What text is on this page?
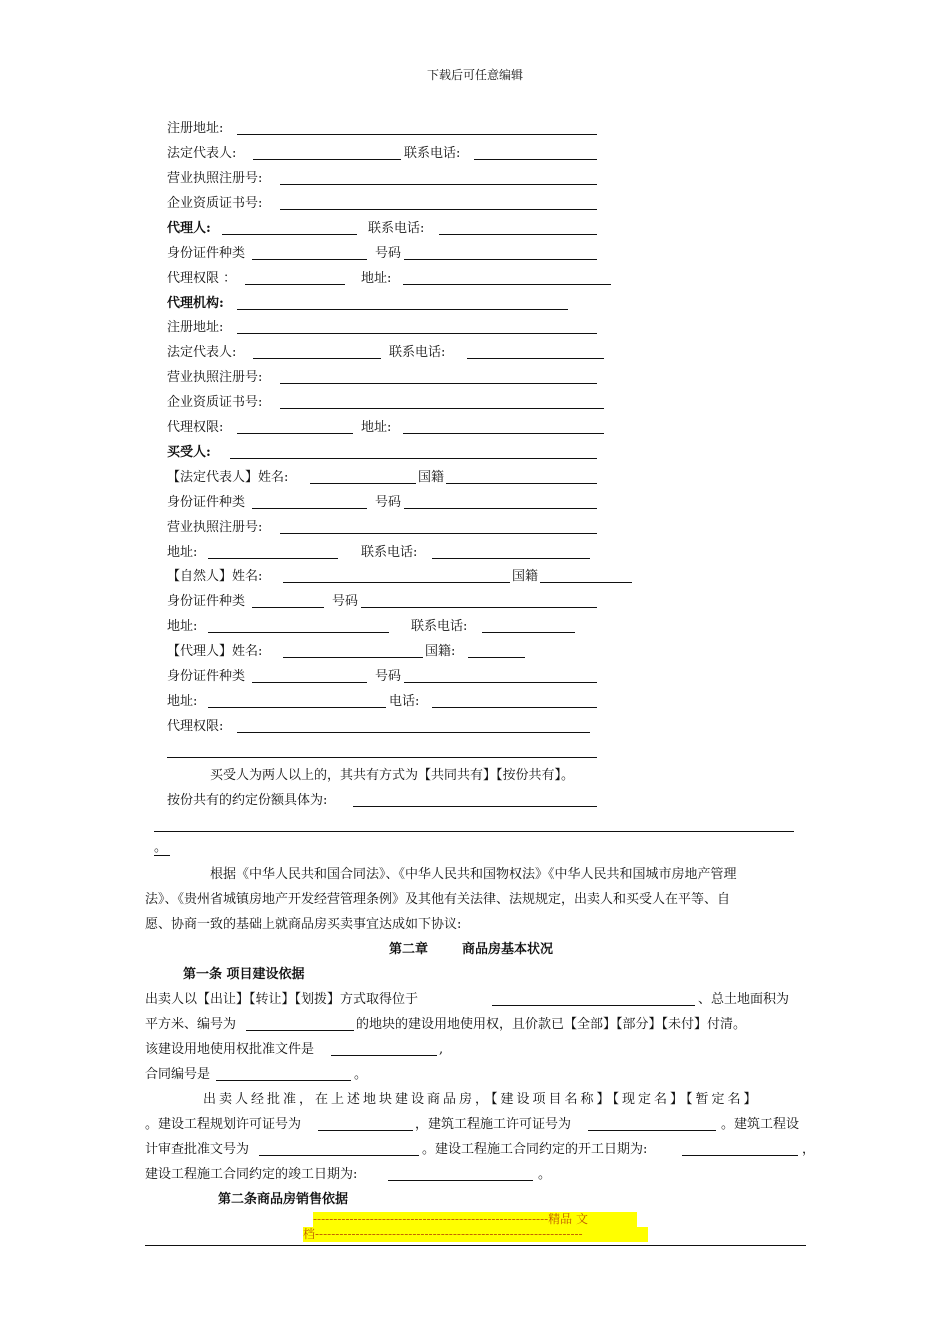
下载后可任意编辑
注册地址:
法定代表人:	联系电话:
营业执照注册号:
企业资质证书号:
代理人:	联系电话:
身份证件种类	号码
代理权限 ：	地址:
代理机构:
注册地址:
法定代表人:	联系电话:
营业执照注册号:
企业资质证书号:
代理权限:	地址:
买受人:
【法定代表人】姓名:	国籍
身份证件种类	号码
营业执照注册号:
地址:	联系电话:
【自然人】姓名:	国籍
身份证件种类	号码
地址:	联系电话:
【代理人】姓名:	国籍:
身份证件种类	号码
地址:	电话:
代理权限:
买受人为两人以上的，其共有方式为【共同共有】【按份共有】。
按份共有的约定份额具体为:
。
根据《中华人民共和国合同法》、《中华人民共和国物权法》《中华人民共和国城市房地产管理
法》、《贵州省城镇房地产开发经营管理条例》及其他有关法律、法规规定，出卖人和买受人在平等、自
愿、协商一致的基础上就商品房买卖事宜达成如下协议:
第二章	商品房基本状况
第一条 项目建设依据
出卖人以【出让】【转让】【划拨】方式取得位于	、总土地面积为
平方米、编号为	的地块的建设用地使用权，且价款已【全部】【部分】【未付】付清。
该建设用地使用权批准文件是	,
合同编号是	。
出卖人经批准，在上述地块建设商品房，【建设项目名称】【现定名】【暂定名】
。建设工程规划许可证号为	，建筑工程施工许可证号为	。建筑工程设
计审查批准文号为	。建设工程施工合同约定的开工日期为:	，
建设工程施工合同约定的竣工日期为:	。
第二条商品房销售依据
----------------------------------------------------------精品 文
档------------------------------------------------------------------
